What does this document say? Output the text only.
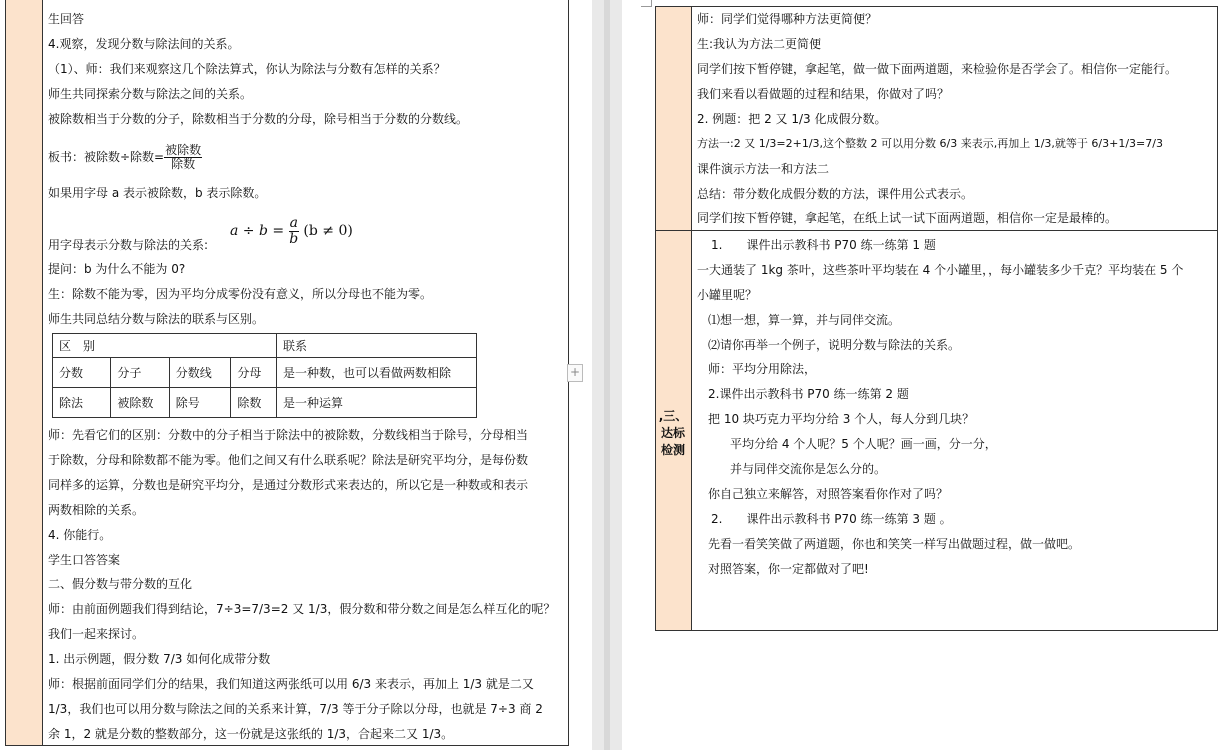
生回答
4.观察，发现分数与除法间的关系。
（1）、师：我们来观察这几个除法算式，你认为除法与分数有怎样的关系？
师生共同探索分数与除法之间的关系。
被除数相当于分数的分子，除数相当于分数的分母，除号相当于分数的分数线。
板书：被除数÷除数= $\frac{\text{被除数}}{\text{除数}}$
如果用字母 a 表示被除数，b 表示除数。
用字母表示分数与除法的关系:
$a \div b = \frac{a}{b} (b \ne 0)$
提问：b 为什么不能为 0?
生：除数不能为零，因为平均分成零份没有意义，所以分母也不能为零。
师生共同总结分数与除法的联系与区别。
区　别				联系
分数	分子	分数线	分母	是一种数，也可以看做两数相除
除法	被除数	除号	除数	是一种运算
师：先看它们的区别：分数中的分子相当于除法中的被除数，分数线相当于除号，分母相当
于除数，分母和除数都不能为零。他们之间又有什么联系呢？除法是研究平均分，是每份数
同样多的运算，分数也是研究平均分，是通过分数形式来表达的，所以它是一种数或和表示
两数相除的关系。
4. 你能行。
学生口答答案
二、假分数与带分数的互化
师：由前面例题我们得到结论，7÷3=7/3=2 又 1/3，假分数和带分数之间是怎么样互化的呢？
我们一起来探讨。
1. 出示例题，假分数 7/3 如何化成带分数
师：根据前面同学们分的结果，我们知道这两张纸可以用 6/3 来表示，再加上 1/3 就是二又
1/3，我们也可以用分数与除法之间的关系来计算，7/3 等于分子除以分母，也就是 7÷3 商 2
余 1，2 就是分数的整数部分，这一份就是这张纸的 1/3，合起来二又 1/3。
+
师：同学们觉得哪种方法更简便？
生:我认为方法二更简便
同学们按下暂停键，拿起笔，做一做下面两道题，来检验你是否学会了。相信你一定能行。
我们来看以看做题的过程和结果，你做对了吗？
2. 例题：把 2 又 1/3 化成假分数。
方法一:2 又 1/3=2+1/3,这个整数 2 可以用分数 6/3 来表示,再加上 1/3,就等于 6/3+1/3=7/3
课件演示方法一和方法二
总结：带分数化成假分数的方法，课件用公式表示。
同学们按下暂停键，拿起笔，在纸上试一试下面两道题，相信你一定是最棒的。
,三、
达标
检测
1.　　课件出示教科书 P70 练一练第 1 题
一大通装了 1kg 茶叶，这些茶叶平均装在 4 个小罐里，，每小罐装多少千克？平均装在 5 个
小罐里呢？
⑴想一想，算一算，并与同伴交流。
⑵请你再举一个例子，说明分数与除法的关系。
师：平均分用除法，
2.课件出示教科书 P70 练一练第 2 题
把 10 块巧克力平均分给 3 个人，每人分到几块？
平均分给 4 个人呢？5 个人呢？画一画，分一分，
并与同伴交流你是怎么分的。
你自己独立来解答，对照答案看你作对了吗？
2.　　课件出示教科书 P70 练一练第 3 题 。
先看一看笑笑做了两道题，你也和笑笑一样写出做题过程，做一做吧。
对照答案，你一定都做对了吧!
